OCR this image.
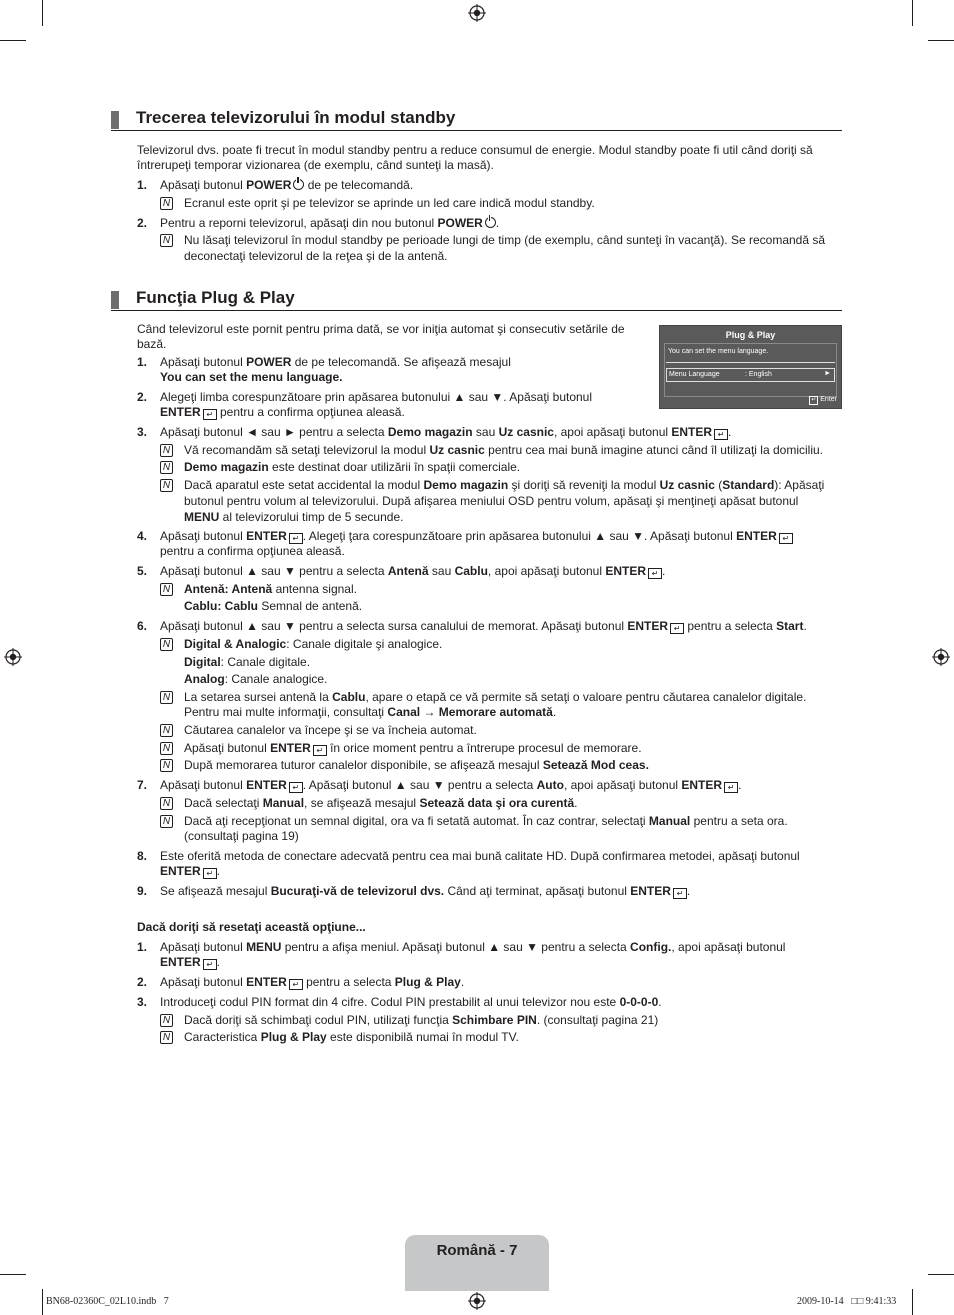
Trecerea televizorului în modul standby
Televizorul dvs. poate fi trecut în modul standby pentru a reduce consumul de energie. Modul standby poate fi util când doriţi să
întrerupeţi temporar vizionarea (de exemplu, când sunteţi la masă).
1. Apăsaţi butonul POWER de pe telecomandă.
N Ecranul este oprit şi pe televizor se aprinde un led care indică modul standby.
2. Pentru a reporni televizorul, apăsaţi din nou butonul POWER .
N Nu lăsaţi televizorul în modul standby pe perioade lungi de timp (de exemplu, când sunteţi în vacanţă). Se recomandă să
deconectaţi televizorul de la reţea şi de la antenă.
Funcţia Plug & Play
Când televizorul este pornit pentru prima dată, se vor iniţia automat şi consecutiv setările de
bază.
Plug & Play
You can set the menu language.
Menu Language	: English	►
↵ Enter
1. Apăsaţi butonul POWER de pe telecomandă. Se afişează mesajul
You can set the menu language.
2. Alegeţi limba corespunzătoare prin apăsarea butonului ▲ sau ▼. Apăsaţi butonul
ENTER ↵ pentru a confirma opţiunea aleasă.
3. Apăsaţi butonul ◄ sau ► pentru a selecta Demo magazin sau Uz casnic, apoi apăsaţi butonul ENTER ↵ .
N Vă recomandăm să setaţi televizorul la modul Uz casnic pentru cea mai bună imagine atunci când îl utilizaţi la domiciliu.
N Demo magazin este destinat doar utilizării în spaţii comerciale.
N Dacă aparatul este setat accidental la modul Demo magazin şi doriţi să reveniţi la modul Uz casnic (Standard): Apăsaţi
butonul pentru volum al televizorului. După afişarea meniului OSD pentru volum, apăsaţi şi menţineţi apăsat butonul
MENU al televizorului timp de 5 secunde.
4. Apăsaţi butonul ENTER ↵ . Alegeţi ţara corespunzătoare prin apăsarea butonului ▲ sau ▼. Apăsaţi butonul ENTER ↵
pentru a confirma opţiunea aleasă.
5. Apăsaţi butonul ▲ sau ▼ pentru a selecta Antenă sau Cablu, apoi apăsaţi butonul ENTER ↵ .
N Antenă: Antenă antenna signal.
Cablu: Cablu Semnal de antenă.
6. Apăsaţi butonul ▲ sau ▼ pentru a selecta sursa canalului de memorat. Apăsaţi butonul ENTER ↵ pentru a selecta Start.
N Digital & Analogic: Canale digitale şi analogice.
Digital: Canale digitale.
Analog: Canale analogice.
N La setarea sursei antenă la Cablu, apare o etapă ce vă permite să setaţi o valoare pentru căutarea canalelor digitale.
Pentru mai multe informaţii, consultaţi Canal → Memorare automată.
N Căutarea canalelor va începe şi se va încheia automat.
N Apăsaţi butonul ENTER ↵ în orice moment pentru a întrerupe procesul de memorare.
N După memorarea tuturor canalelor disponibile, se afişează mesajul Setează Mod ceas.
7. Apăsaţi butonul ENTER ↵ . Apăsaţi butonul ▲ sau ▼ pentru a selecta Auto, apoi apăsaţi butonul ENTER ↵ .
N Dacă selectaţi Manual, se afişează mesajul Setează data şi ora curentă.
N Dacă aţi recepţionat un semnal digital, ora va fi setată automat. În caz contrar, selectaţi Manual pentru a seta ora.
(consultaţi pagina 19)
8. Este oferită metoda de conectare adecvată pentru cea mai bună calitate HD. După confirmarea metodei, apăsaţi butonul
ENTER ↵ .
9. Se afişează mesajul Bucuraţi-vă de televizorul dvs. Când aţi terminat, apăsaţi butonul ENTER ↵ .
Dacă doriţi să resetaţi această opţiune...
1. Apăsaţi butonul MENU pentru a afişa meniul. Apăsaţi butonul ▲ sau ▼ pentru a selecta Config., apoi apăsaţi butonul
ENTER ↵ .
2. Apăsaţi butonul ENTER ↵ pentru a selecta Plug & Play.
3. Introduceţi codul PIN format din 4 cifre. Codul PIN prestabilit al unui televizor nou este 0-0-0-0.
N Dacă doriţi să schimbaţi codul PIN, utilizaţi funcţia Schimbare PIN. (consultaţi pagina 21)
N Caracteristica Plug & Play este disponibilă numai în modul TV.
Română - 7
BN68-02360C_02L10.indb   7	2009-10-14   □□ 9:41:33
